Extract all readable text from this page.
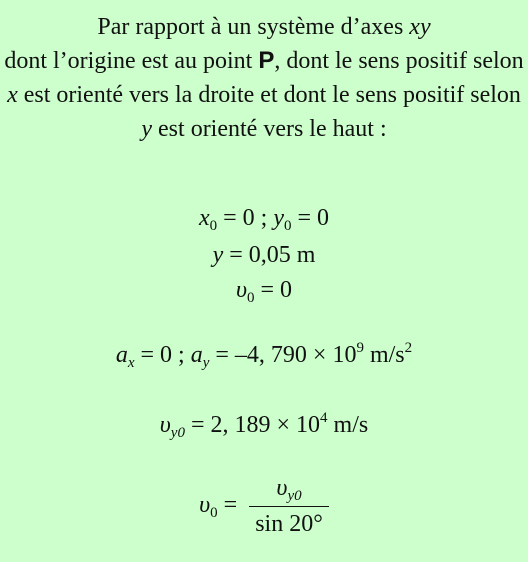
Par rapport à un système d’axes xy
dont l’origine est au point P, dont le sens positif selon x est orienté vers la droite et dont le sens positif selon y est orienté vers le haut :
$x_0 = 0$ ; $y_0 = 0$
y = 0,05 m
$\upsilon_0 = 0$
$a_x = 0$ ; $a_y = -4$, $790 \times 10^9$ $m/s^2$
$\upsilon_{y0} = 2$, $189 \times 10^4$ m/s
$\upsilon_0 = \frac{\upsilon_{y0}}{\sin 20^\circ}$
